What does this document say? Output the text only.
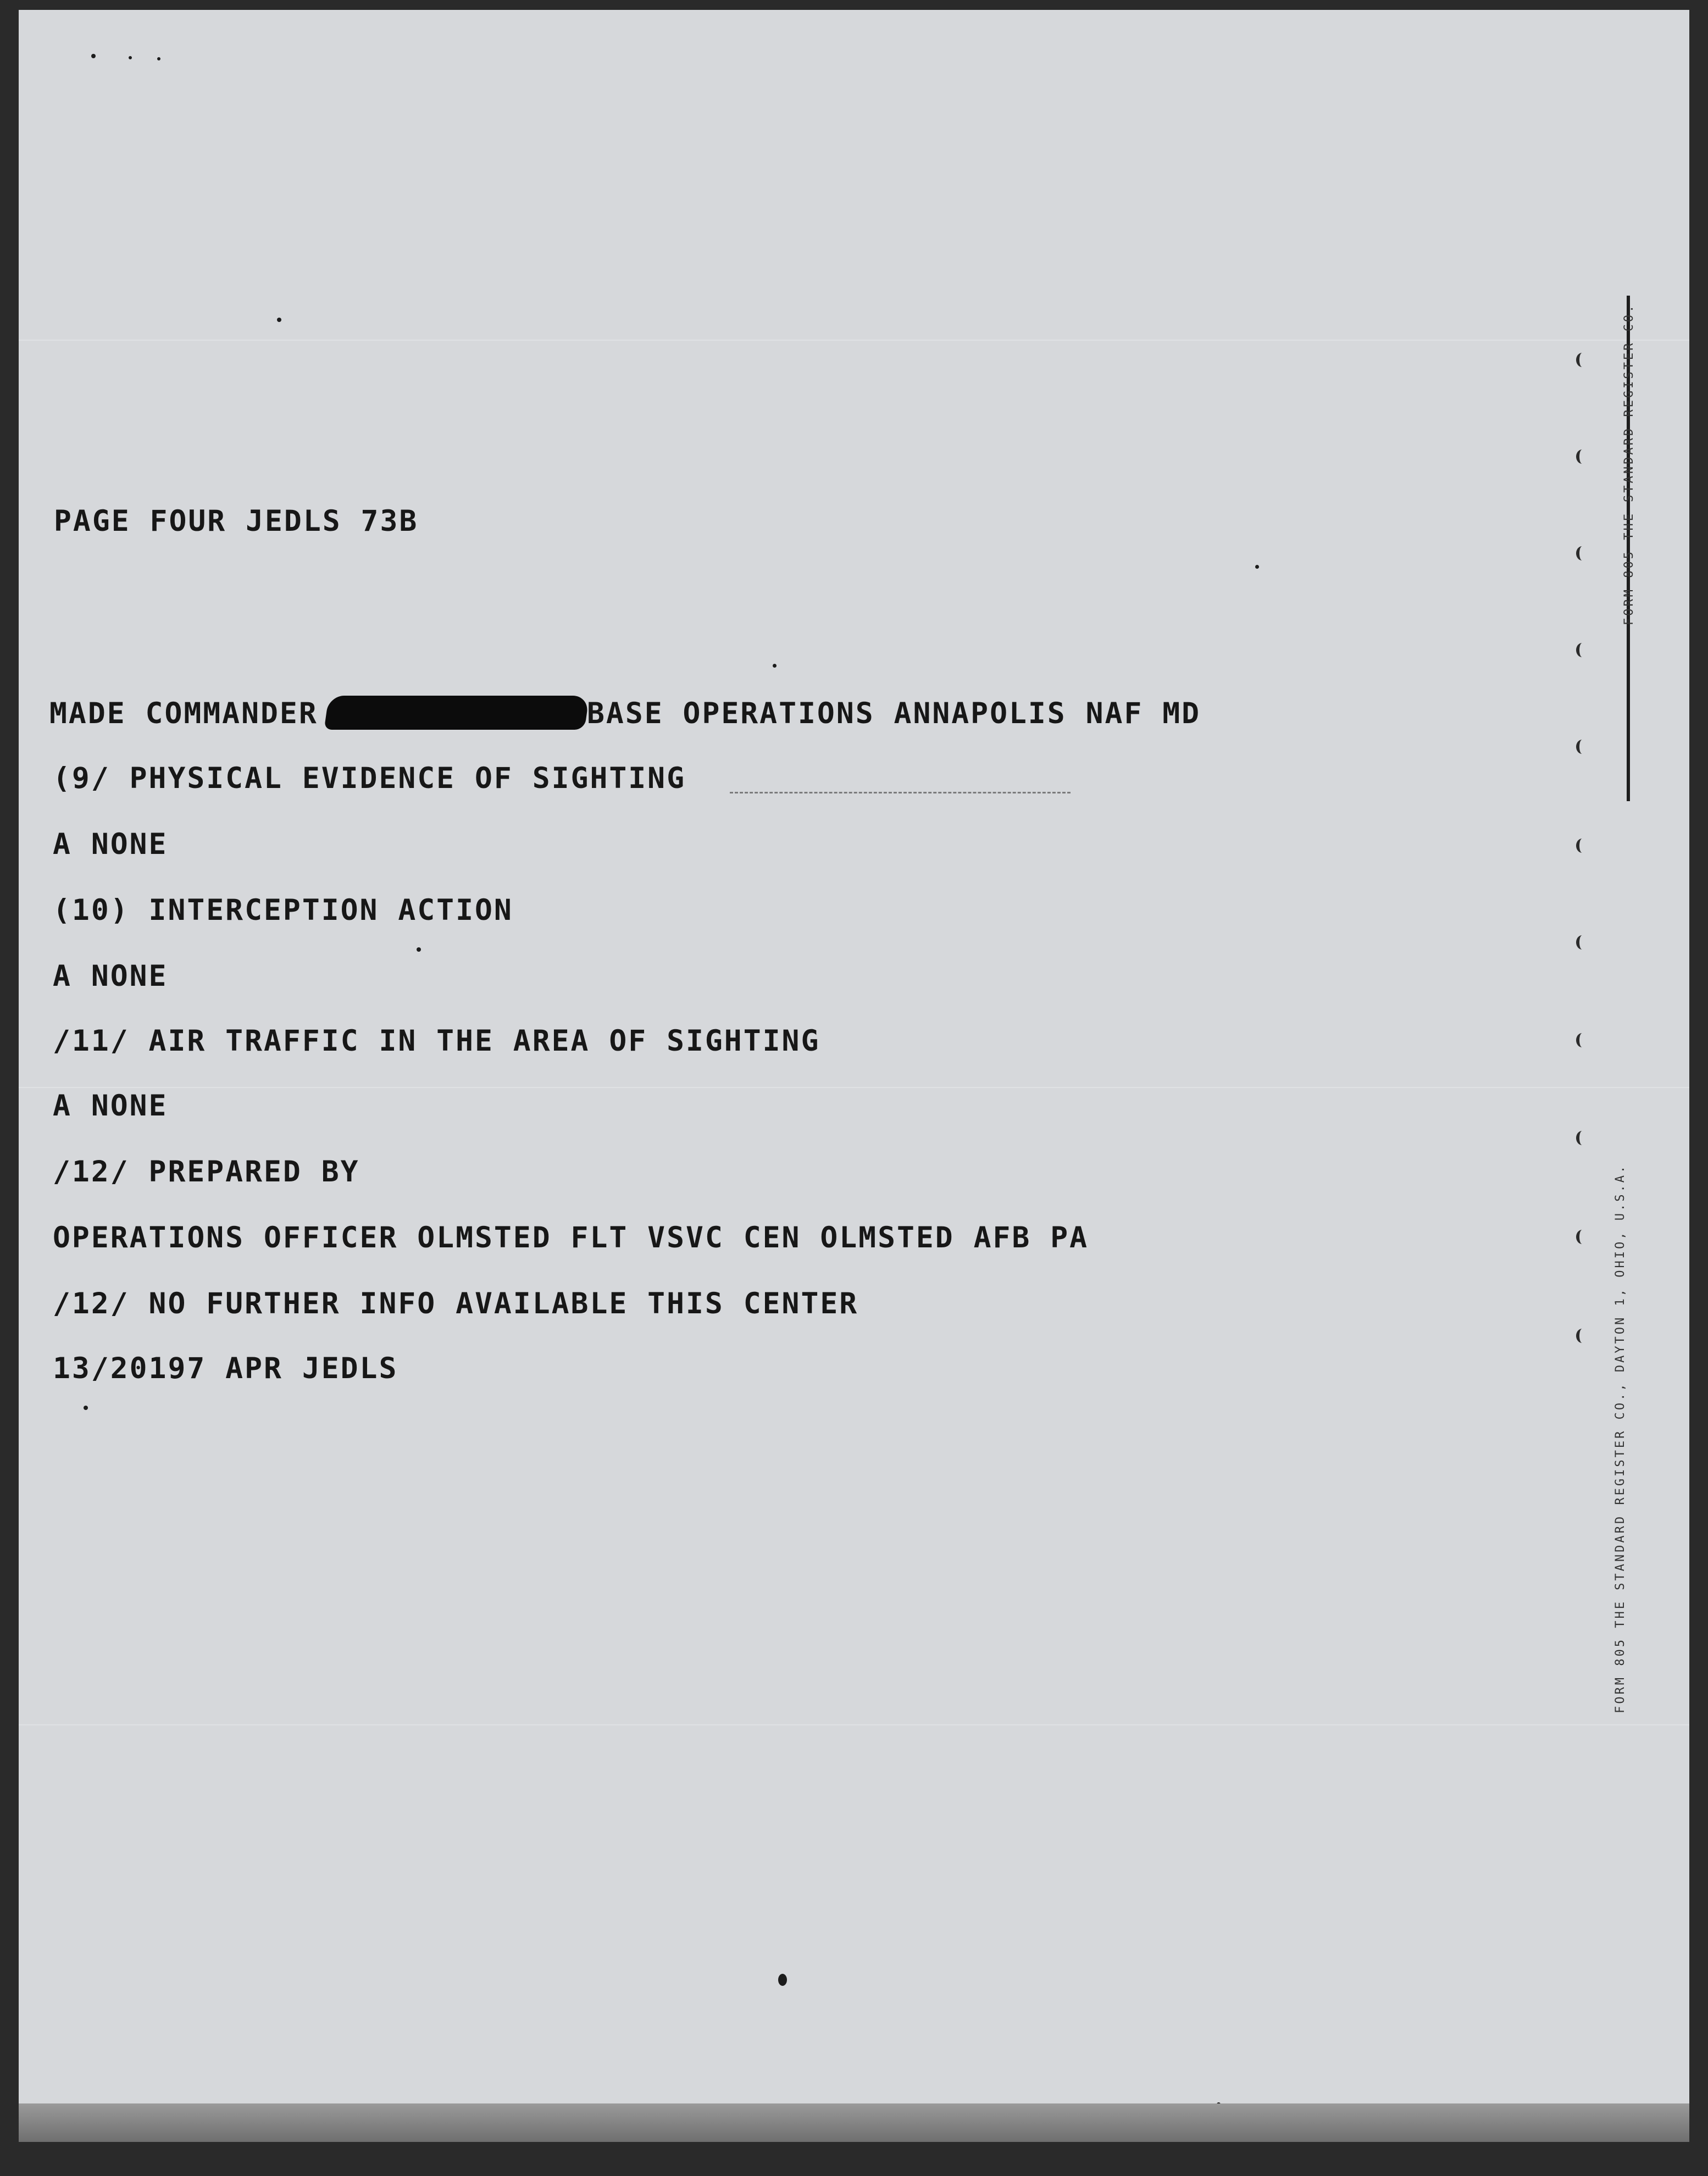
FORM 805 THE STANDARD REGISTER CO.
FORM 805 THE STANDARD REGISTER CO., DAYTON 1, OHIO, U.S.A.
PAGE FOUR JEDLS 73B
MADE COMMANDER	BASE OPERATIONS ANNAPOLIS NAF MD
(9/ PHYSICAL EVIDENCE OF SIGHTING
A NONE
(10) INTERCEPTION ACTION
A NONE
/11/ AIR TRAFFIC IN THE AREA OF SIGHTING
A NONE
/12/ PREPARED BY
OPERATIONS OFFICER OLMSTED FLT VSVC CEN OLMSTED AFB PA
/12/ NO FURTHER INFO AVAILABLE THIS CENTER
13/20197 APR JEDLS
